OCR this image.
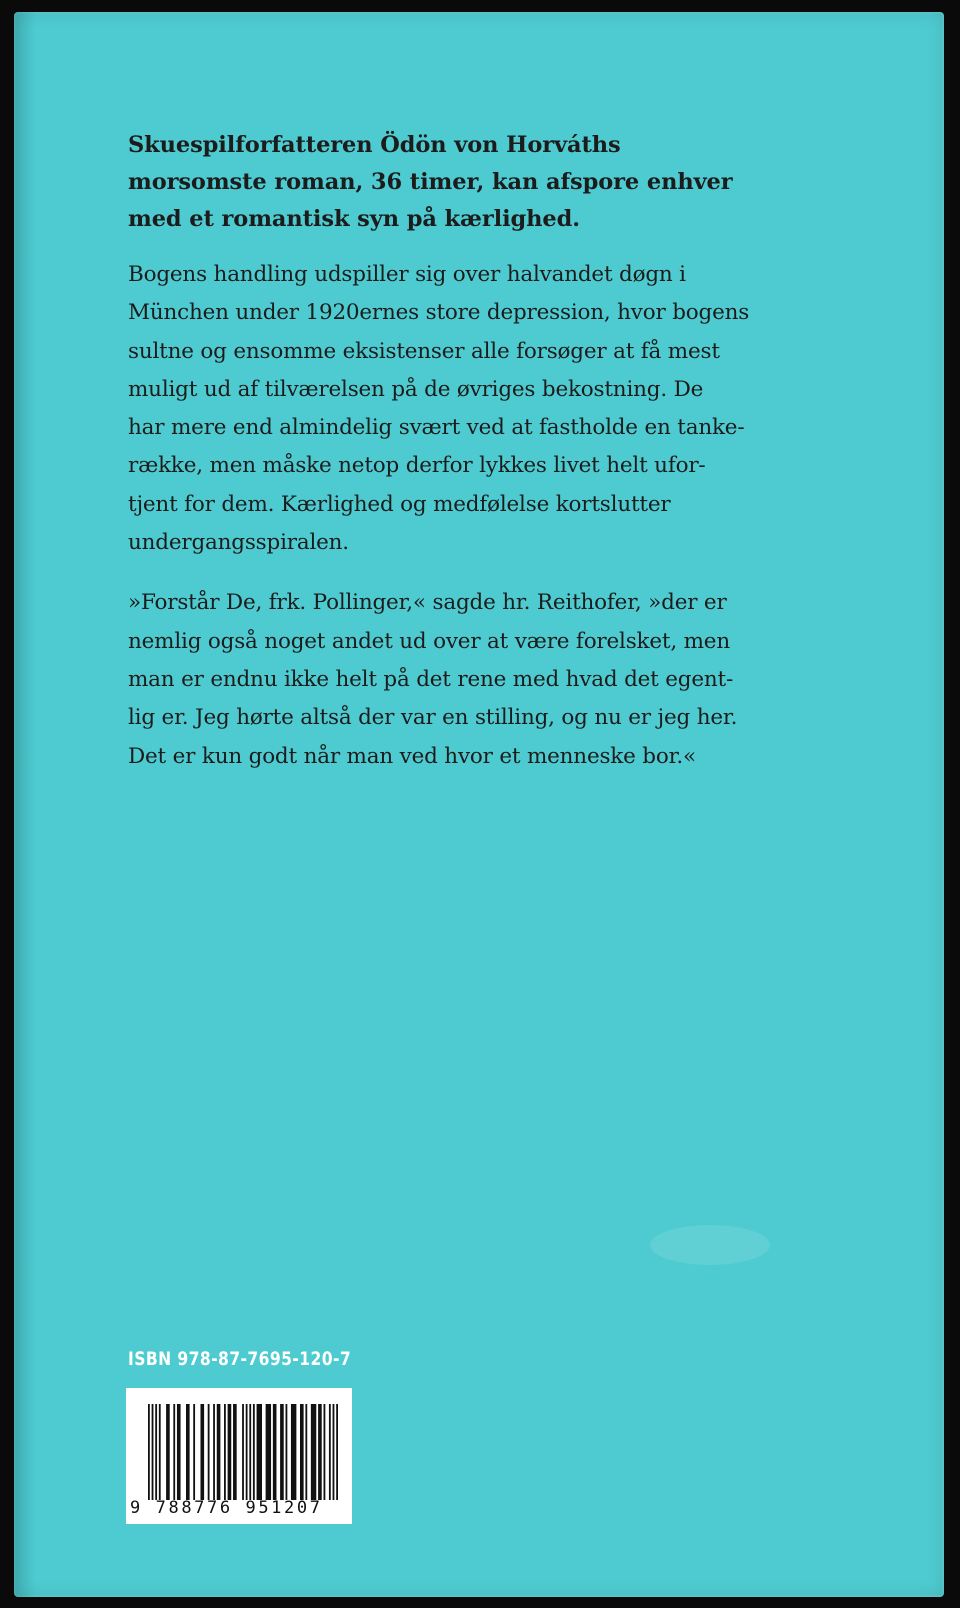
Skuespilforfatteren Ödön von Horváths
morsomste roman, 36 timer, kan afspore enhver
med et romantisk syn på kærlighed.

Bogens handling udspiller sig over halvandet døgn i
München under 1920ernes store depression, hvor bogens
sultne og ensomme eksistenser alle forsøger at få mest
muligt ud af tilværelsen på de øvriges bekostning. De
har mere end almindelig svært ved at fastholde en tanke-
række, men måske netop derfor lykkes livet helt ufor-
tjent for dem. Kærlighed og medfølelse kortslutter
undergangsspiralen.

»Forstår De, frk. Pollinger,« sagde hr. Reithofer, »der er
nemlig også noget andet ud over at være forelsket, men
man er endnu ikke helt på det rene med hvad det egent-
lig er. Jeg hørte altså der var en stilling, og nu er jeg her.
Det er kun godt når man ved hvor et menneske bor.«

ISBN 978-87-7695-120-7
9 788776 951207
